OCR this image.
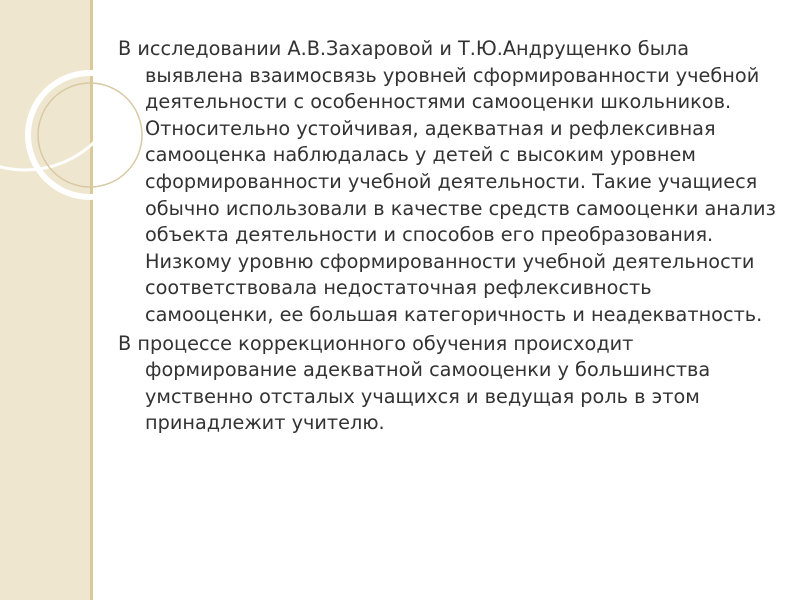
В исследовании А.В.Захаровой и Т.Ю.Андрущенко была выявлена взаимосвязь уровней сформированности учебной деятельности с особенностями самооценки школьников. Относительно устойчивая, адекватная и рефлексивная самооценка наблюдалась у детей с высоким уровнем сформированности учебной деятельности. Такие учащиеся обычно использовали в качестве средств самооценки анализ объекта деятельности и способов его преобразования. Низкому уровню сформированности учебной деятельности соответствовала недостаточная рефлексивность самооценки, ее большая категоричность и неадекватность.

В процессе коррекционного обучения происходит формирование адекватной самооценки у большинства умственно отсталых учащихся и ведущая роль в этом принадлежит учителю.
